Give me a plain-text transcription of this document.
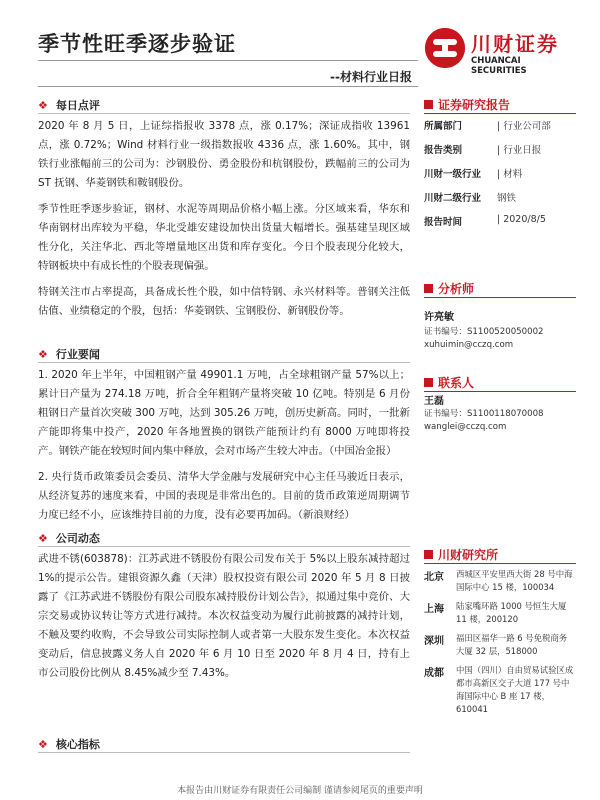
季节性旺季逐步验证
--材料行业日报
川财证券
CHUANCAI SECURITIES
❖ 每日点评

2020 年 8 月 5 日，上证综指报收 3378 点，涨 0.17%；深证成指收 13961 点，涨 0.72%；Wind 材料行业一级指数报收 4336 点，涨 1.60%。其中，钢铁行业涨幅前三的公司为：沙钢股份、勇金股份和杭钢股份，跌幅前三的公司为 ST 抚钢、华菱钢铁和鞍钢股份。

季节性旺季逐步验证，钢材、水泥等周期品价格小幅上涨。分区域来看，华东和华南钢材出库较为平稳，华北受雄安建设加快出货量大幅增长。强基建呈现区域性分化，关注华北、西北等增量地区出货和库存变化。今日个股表现分化较大，特钢板块中有成长性的个股表现偏强。

特钢关注市占率提高，具备成长性个股，如中信特钢、永兴材料等。普钢关注低估值、业绩稳定的个股，包括：华菱钢铁、宝钢股份、新钢股份等。

❖ 行业要闻

1. 2020 年上半年，中国粗钢产量 49901.1 万吨，占全球粗钢产量 57%以上；累计日产量为 274.18 万吨，折合全年粗钢产量将突破 10 亿吨。特别是 6 月份粗钢日产量首次突破 300 万吨，达到 305.26 万吨，创历史新高。同时，一批新产能即将集中投产，2020 年各地置换的钢铁产能预计约有 8000 万吨即将投产。钢铁产能在较短时间内集中释放，会对市场产生较大冲击。（中国冶金报）

2. 央行货币政策委员会委员、清华大学金融与发展研究中心主任马骏近日表示，从经济复苏的速度来看，中国的表现是非常出色的。目前的货币政策逆周期调节力度已经不小，应该维持目前的力度，没有必要再加码。（新浪财经）

❖ 公司动态

武进不锈(603878)：江苏武进不锈股份有限公司发布关于 5%以上股东减持超过 1%的提示公告。建银资源久鑫（天津）股权投资有限公司 2020 年 5 月 8 日披露了《江苏武进不锈股份有限公司股东减持股份计划公告》，拟通过集中竞价、大宗交易或协议转让等方式进行减持。本次权益变动为履行此前披露的减持计划，不触及要约收购，不会导致公司实际控制人或者第一大股东发生变化。本次权益变动后，信息披露义务人自 2020 年 6 月 10 日至 2020 年 8 月 4 日，持有上市公司股份比例从 8.45%减少至 7.43%。

❖ 核心指标
证券研究报告
所属部门	| 行业公司部
报告类别	| 行业日报
川财一级行业	| 材料
川财二级行业	钢铁
报告时间	| 2020/8/5
分析师
许亮敏
证书编号：S1100520050002
xuhuimin@cczq.com
联系人
王磊
证书编号：S1100118070008
wanglei@cczq.com
川财研究所
北京	西城区平安里西大街 28 号中海国际中心 15 楼，100034
上海	陆家嘴环路 1000 号恒生大厦 11 楼，200120
深圳	福田区福华一路 6 号免税商务大厦 32 层，518000
成都	中国（四川）自由贸易试验区成都市高新区交子大道 177 号中海国际中心 B 座 17 楼，610041
本报告由川财证券有限责任公司编制 谨请参阅尾页的重要声明
